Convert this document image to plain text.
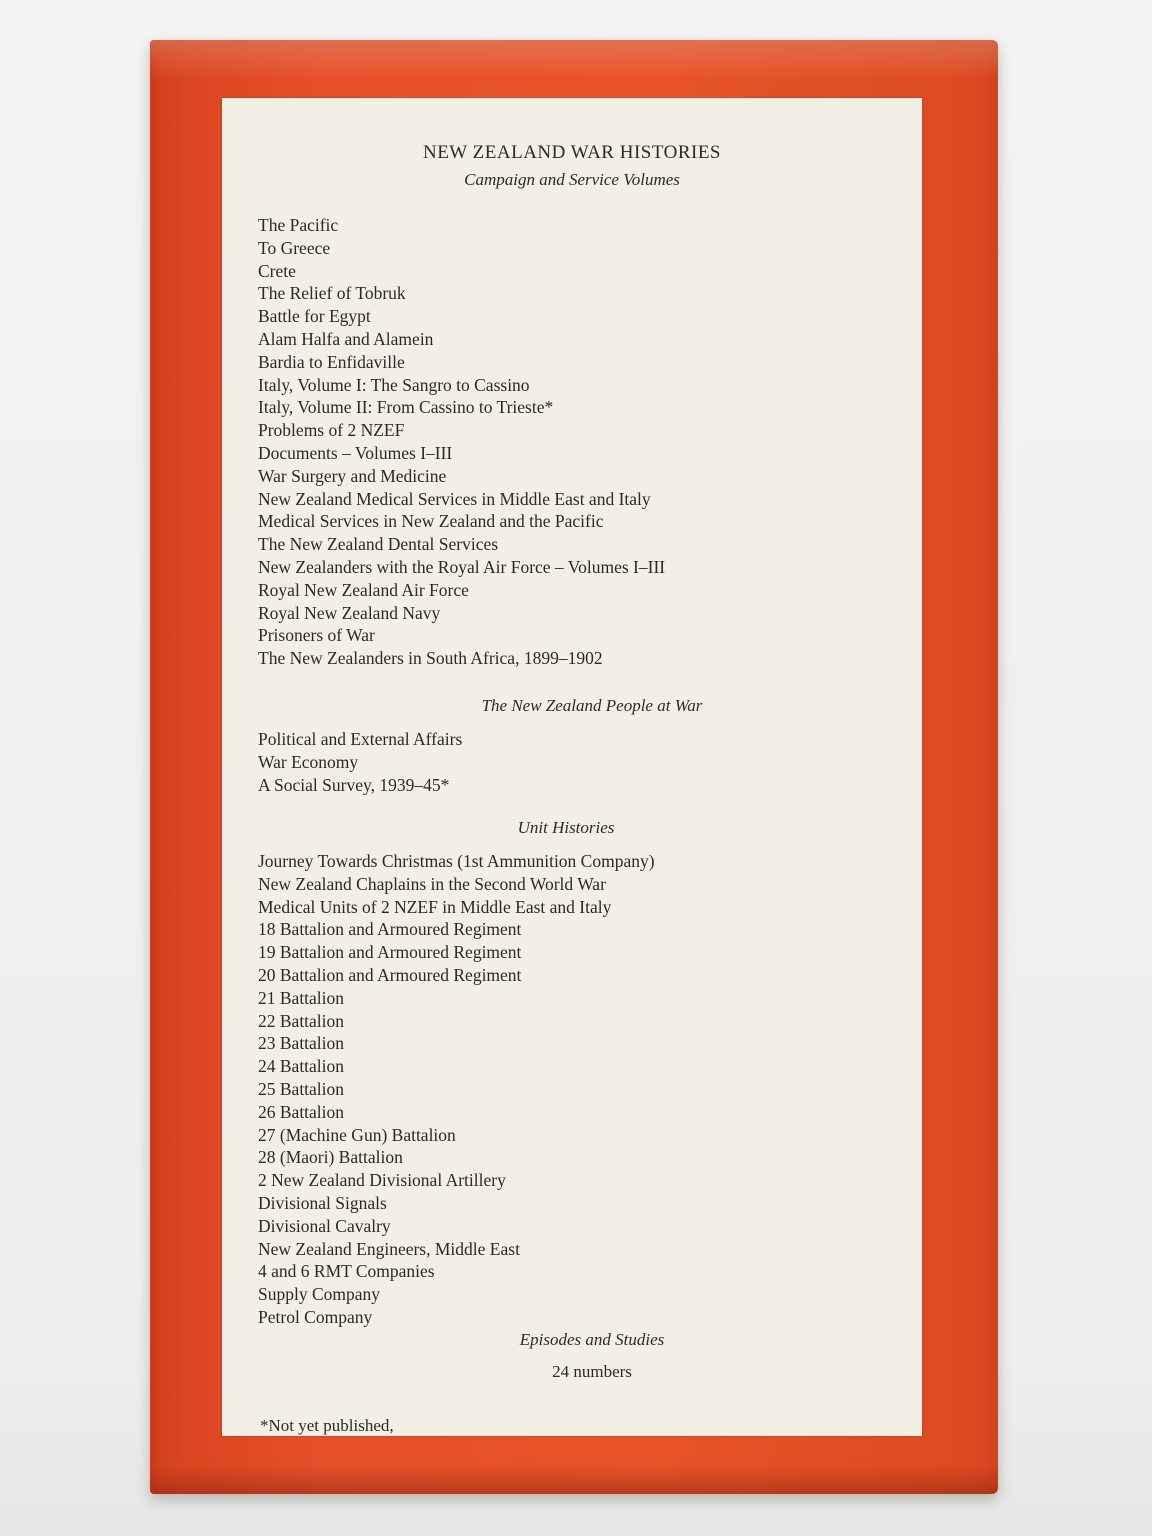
NEW ZEALAND WAR HISTORIES
Campaign and Service Volumes
The Pacific
To Greece
Crete
The Relief of Tobruk
Battle for Egypt
Alam Halfa and Alamein
Bardia to Enfidaville
Italy, Volume I: The Sangro to Cassino
Italy, Volume II: From Cassino to Trieste*
Problems of 2 NZEF
Documents – Volumes I–III
War Surgery and Medicine
New Zealand Medical Services in Middle East and Italy
Medical Services in New Zealand and the Pacific
The New Zealand Dental Services
New Zealanders with the Royal Air Force – Volumes I–III
Royal New Zealand Air Force
Royal New Zealand Navy
Prisoners of War
The New Zealanders in South Africa, 1899–1902
The New Zealand People at War
Political and External Affairs
War Economy
A Social Survey, 1939–45*
Unit Histories
Journey Towards Christmas (1st Ammunition Company)
New Zealand Chaplains in the Second World War
Medical Units of 2 NZEF in Middle East and Italy
18 Battalion and Armoured Regiment
19 Battalion and Armoured Regiment
20 Battalion and Armoured Regiment
21 Battalion
22 Battalion
23 Battalion
24 Battalion
25 Battalion
26 Battalion
27 (Machine Gun) Battalion
28 (Maori) Battalion
2 New Zealand Divisional Artillery
Divisional Signals
Divisional Cavalry
New Zealand Engineers, Middle East
4 and 6 RMT Companies
Supply Company
Petrol Company
Episodes and Studies
24 numbers
*Not yet published,
